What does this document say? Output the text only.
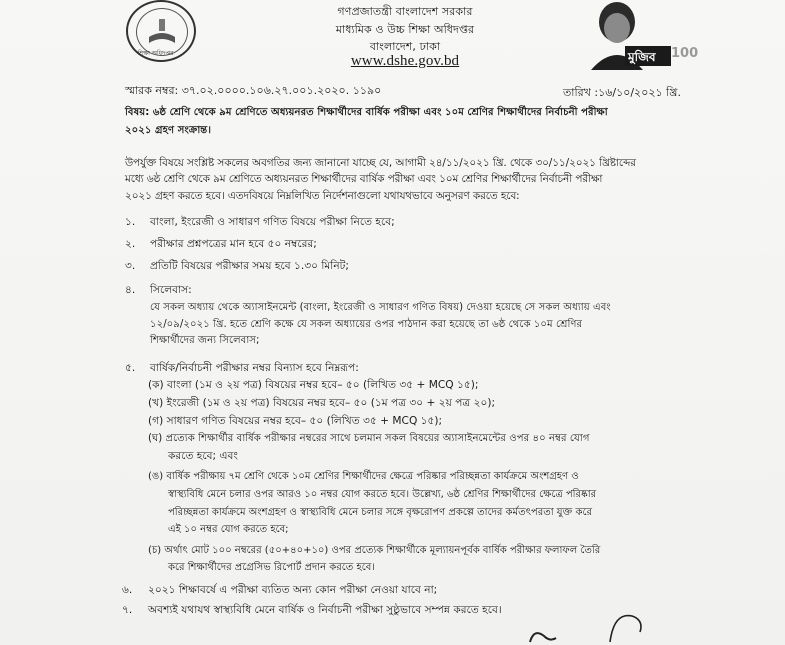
শিক্ষা অধিদপ্তর
গণপ্রজাতন্ত্রী বাংলাদেশ সরকার
মাধ্যমিক ও উচ্চ শিক্ষা অধিদপ্তর
বাংলাদেশ, ঢাকা
www.dshe.gov.bd	মুজিব 100
স্মারক নম্বর: ৩৭.০২.০০০০.১০৬.২৭.০০১.২০২০. ১১৯০	তারিখ :১৬/১০/২০২১ খ্রি.
বিষয়: ৬ষ্ঠ শ্রেণি থেকে ৯ম শ্রেণিতে অধ্যয়নরত শিক্ষার্থীদের বার্ষিক পরীক্ষা এবং ১০ম শ্রেণির শিক্ষার্থীদের নির্বাচনী পরীক্ষা
২০২১ গ্রহণ সংক্রান্ত।
উপর্যুক্ত বিষয়ে সংশ্লিষ্ট সকলের অবগতির জন্য জানানো যাচ্ছে যে, আগামী ২৪/১১/২০২১ খ্রি. থেকে ৩০/১১/২০২১ খ্রিষ্টাব্দের
মধ্যে ৬ষ্ঠ শ্রেণি থেকে ৯ম শ্রেণিতে অধ্যয়নরত শিক্ষার্থীদের বার্ষিক পরীক্ষা এবং ১০ম শ্রেণির শিক্ষার্থীদের নির্বাচনী পরীক্ষা
২০২১ গ্রহণ করতে হবে। এতদবিষয়ে নিম্নলিখিত নির্দেশনাগুলো যথাযথভাবে অনুসরণ করতে হবে:
১. বাংলা, ইংরেজী ও সাধারণ গণিত বিষয়ে পরীক্ষা নিতে হবে;
২. পরীক্ষার প্রশ্নপত্রের মান হবে ৫০ নম্বরের;
৩. প্রতিটি বিষয়ের পরীক্ষার সময় হবে ১.৩০ মিনিট;
৪. সিলেবাস:
যে সকল অধ্যায় থেকে অ্যাসাইনমেন্ট (বাংলা, ইংরেজী ও সাধারণ গণিত বিষয়) দেওয়া হয়েছে সে সকল অধ্যায় এবং
১২/০৯/২০২১ খ্রি. হতে শ্রেণি কক্ষে যে সকল অধ্যায়ের ওপর পাঠদান করা হয়েছে তা ৬ষ্ঠ থেকে ১০ম শ্রেণির
শিক্ষার্থীদের জন্য সিলেবাস;
৫. বার্ষিক/নির্বাচনী পরীক্ষার নম্বর বিন্যাস হবে নিম্নরূপ:
(ক) বাংলা (১ম ও ২য় পত্র) বিষয়ের নম্বর হবে– ৫০ (লিখিত ৩৫ + MCQ ১৫);
(খ) ইংরেজী (১ম ও ২য় পত্র) বিষয়ের নম্বর হবে– ৫০ (১ম পত্র ৩০ + ২য় পত্র ২০);
(গ) সাধারণ গণিত বিষয়ের নম্বর হবে– ৫০ (লিখিত ৩৫ + MCQ ১৫);
(ঘ) প্রত্যেক শিক্ষার্থীর বার্ষিক পরীক্ষার নম্বরের সাথে চলমান সকল বিষয়ের অ্যাসাইনমেন্টের ওপর ৪০ নম্বর যোগ
করতে হবে; এবং
(ঙ) বার্ষিক পরীক্ষায় ৭ম শ্রেণি থেকে ১০ম শ্রেণির শিক্ষার্থীদের ক্ষেত্রে পরিষ্কার পরিচ্ছন্নতা কার্যক্রমে অংশগ্রহণ ও
স্বাস্থ্যবিধি মেনে চলার ওপর আরও ১০ নম্বর যোগ করতে হবে। উল্লেখ্য, ৬ষ্ঠ শ্রেণির শিক্ষার্থীদের ক্ষেত্রে পরিষ্কার
পরিচ্ছন্নতা কার্যক্রমে অংশগ্রহণ ও স্বাস্থ্যবিধি মেনে চলার সঙ্গে বৃক্ষরোপণ প্রকল্পে তাদের কর্মতৎপরতা যুক্ত করে
এই ১০ নম্বর যোগ করতে হবে;
(চ) অর্থাৎ মোট ১০০ নম্বরের (৫০+৪০+১০) ওপর প্রত্যেক শিক্ষার্থীকে মূল্যায়নপূর্বক বার্ষিক পরীক্ষার ফলাফল তৈরি
করে শিক্ষার্থীদের প্রগ্রেসিভ রিপোর্ট প্রদান করতে হবে।
৬. ২০২১ শিক্ষাবর্ষে এ পরীক্ষা ব্যতিত অন্য কোন পরীক্ষা নেওয়া যাবে না;
৭. অবশ্যই যথাযথ স্বাস্থ্যবিধি মেনে বার্ষিক ও নির্বাচনী পরীক্ষা সুষ্ঠুভাবে সম্পন্ন করতে হবে।
